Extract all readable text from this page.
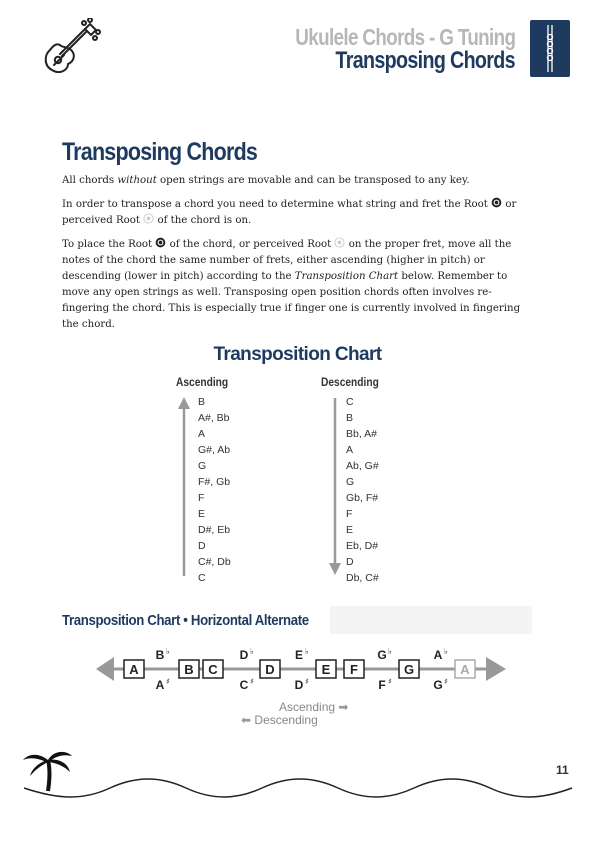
Ukulele Chords - G Tuning
Transposing Chords
Transposing Chords
All chords without open strings are movable and can be transposed to any key.
In order to transpose a chord you need to determine what string and fret the Root or
perceived Root of the chord is on.
To place the Root of the chord, or perceived Root on the proper fret, move all the notes of the chord the same number of frets, either ascending (higher in pitch) or descending (lower in pitch) according to the Transposition Chart below. Remember to move any open strings as well. Transposing open position chords often involves re-fingering the chord. This is especially true if finger one is currently involved in fingering the chord.
Transposition Chart
Ascending	Descending
B
A#, Bb
A
G#, Ab
G
F#, Gb
F
E
D#, Eb
D
C#, Db
C
C
B
Bb, A#
A
Ab, G#
G
Gb, F#
F
E
Eb, D#
D
Db, C#
Transposition Chart • Horizontal Alternate
A	B C	D	E F	G	A
B ♭
A ♯
D ♭
C ♯
E ♭
D ♯
G ♭
F ♯
A ♭
G ♯
Ascending ➡
⬅ Descending
11
